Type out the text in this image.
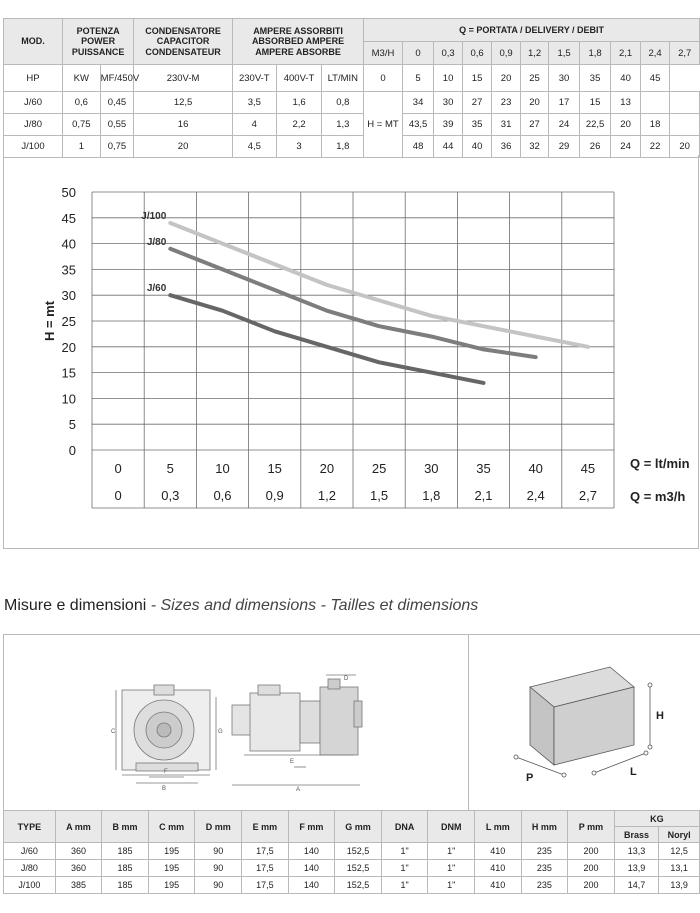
MOD.	POTENZA POWER PUISSANCE		CONDENSATORE CAPACITOR CONDENSATEUR	AMPERE ASSORBITI ABSORBED AMPERE AMPERE ABSORBE			Q = PORTATA / DELIVERY / DEBIT										
							M3/H	0	0,3	0,6	0,9	1,2	1,5	1,8	2,1	2,4	2,7
HP	KW	MF/450V	230V-M	230V-T	400V-T	LT/MIN	0	5	10	15	20	25	30	35	40	45	
J/60	0,6	0,45	12,5	3,5	1,6	0,8	H = MT	34	30	27	23	20	17	15	13		
J/80	0,75	0,55	16	4	2,2	1,3		43,5	39	35	31	27	24	22,5	20	18	
J/100	1	0,75	20	4,5	3	1,8		48	44	40	36	32	29	26	24	22	20
0
5
10
15
20
25
30
35
40
45
50
0	5	10	15	20	25	30	35	40	45
0	0,3	0,6	0,9	1,2	1,5	1,8	2,1	2,4	2,7
Q = lt/min
Q = m3/h
H = mt
J/100
J/80
J/60
Misure e dimensioni - Sizes and dimensions - Tailles et dimensions
C
B
F
G
D
E
A
H
L
P
TYPE	A mm	B mm	C mm	D mm	E mm	F mm	G mm	DNA	DNM	L mm	H mm	P mm	KG	
													Brass	Noryl
J/60	360	185	195	90	17,5	140	152,5	1"	1"	410	235	200	13,3	12,5
J/80	360	185	195	90	17,5	140	152,5	1"	1"	410	235	200	13,9	13,1
J/100	385	185	195	90	17,5	140	152,5	1"	1"	410	235	200	14,7	13,9
